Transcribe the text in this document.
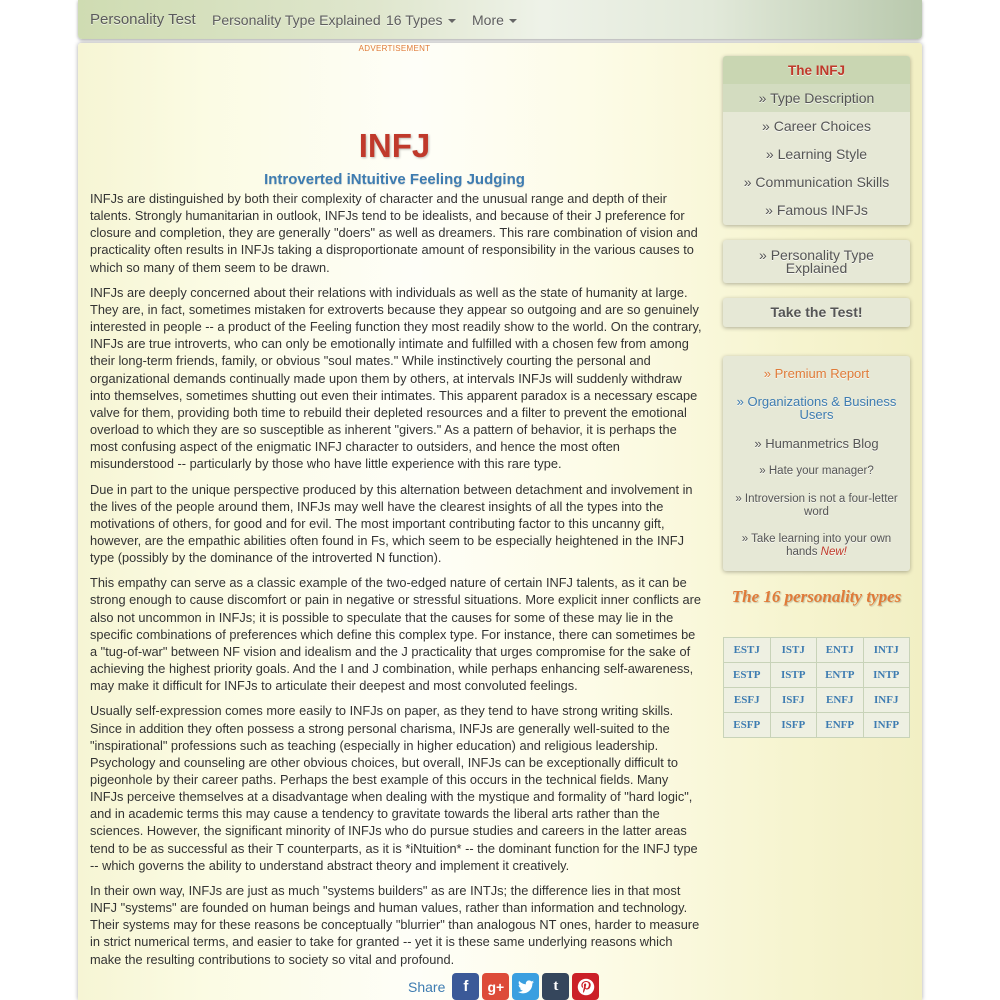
Personality Test Personality Type Explained 16 Types	More
ADVERTISEMENT
INFJ
Introverted iNtuitive Feeling Judging

INFJs are distinguished by both their complexity of character and the unusual range and depth of their talents. Strongly humanitarian in outlook, INFJs tend to be idealists, and because of their J preference for closure and completion, they are generally "doers" as well as dreamers. This rare combination of vision and practicality often results in INFJs taking a disproportionate amount of responsibility in the various causes to which so many of them seem to be drawn.

INFJs are deeply concerned about their relations with individuals as well as the state of humanity at large. They are, in fact, sometimes mistaken for extroverts because they appear so outgoing and are so genuinely interested in people -- a product of the Feeling function they most readily show to the world. On the contrary, INFJs are true introverts, who can only be emotionally intimate and fulfilled with a chosen few from among their long-term friends, family, or obvious "soul mates." While instinctively courting the personal and organizational demands continually made upon them by others, at intervals INFJs will suddenly withdraw into themselves, sometimes shutting out even their intimates. This apparent paradox is a necessary escape valve for them, providing both time to rebuild their depleted resources and a filter to prevent the emotional overload to which they are so susceptible as inherent "givers." As a pattern of behavior, it is perhaps the most confusing aspect of the enigmatic INFJ character to outsiders, and hence the most often misunderstood -- particularly by those who have little experience with this rare type.

Due in part to the unique perspective produced by this alternation between detachment and involvement in the lives of the people around them, INFJs may well have the clearest insights of all the types into the motivations of others, for good and for evil. The most important contributing factor to this uncanny gift, however, are the empathic abilities often found in Fs, which seem to be especially heightened in the INFJ type (possibly by the dominance of the introverted N function).

This empathy can serve as a classic example of the two-edged nature of certain INFJ talents, as it can be strong enough to cause discomfort or pain in negative or stressful situations. More explicit inner conflicts are also not uncommon in INFJs; it is possible to speculate that the causes for some of these may lie in the specific combinations of preferences which define this complex type. For instance, there can sometimes be a "tug-of-war" between NF vision and idealism and the J practicality that urges compromise for the sake of achieving the highest priority goals. And the I and J combination, while perhaps enhancing self-awareness, may make it difficult for INFJs to articulate their deepest and most convoluted feelings.

Usually self-expression comes more easily to INFJs on paper, as they tend to have strong writing skills. Since in addition they often possess a strong personal charisma, INFJs are generally well-suited to the "inspirational" professions such as teaching (especially in higher education) and religious leadership. Psychology and counseling are other obvious choices, but overall, INFJs can be exceptionally difficult to pigeonhole by their career paths. Perhaps the best example of this occurs in the technical fields. Many INFJs perceive themselves at a disadvantage when dealing with the mystique and formality of "hard logic", and in academic terms this may cause a tendency to gravitate towards the liberal arts rather than the sciences. However, the significant minority of INFJs who do pursue studies and careers in the latter areas tend to be as successful as their T counterparts, as it is *iNtuition* -- the dominant function for the INFJ type -- which governs the ability to understand abstract theory and implement it creatively.

In their own way, INFJs are just as much "systems builders" as are INTJs; the difference lies in that most INFJ "systems" are founded on human beings and human values, rather than information and technology. Their systems may for these reasons be conceptually "blurrier" than analogous NT ones, harder to measure in strict numerical terms, and easier to take for granted -- yet it is these same underlying reasons which make the resulting contributions to society so vital and profound.

The INFJ
» Type Description
» Career Choices
» Learning Style
» Communication Skills
» Famous INFJs
» Personality Type Explained
Take the Test!
» Premium Report
» Organizations & Business Users
» Humanmetrics Blog
» Hate your manager?
» Introversion is not a four-letter word
» Take learning into your own hands New!
The 16 personality types
ESTJ	ISTJ	ENTJ	INTJ
ESTP	ISTP	ENTP	INTP
ESFJ	ISFJ	ENFJ	INFJ
ESFP	ISFP	ENFP	INFP
Share f g+	t
